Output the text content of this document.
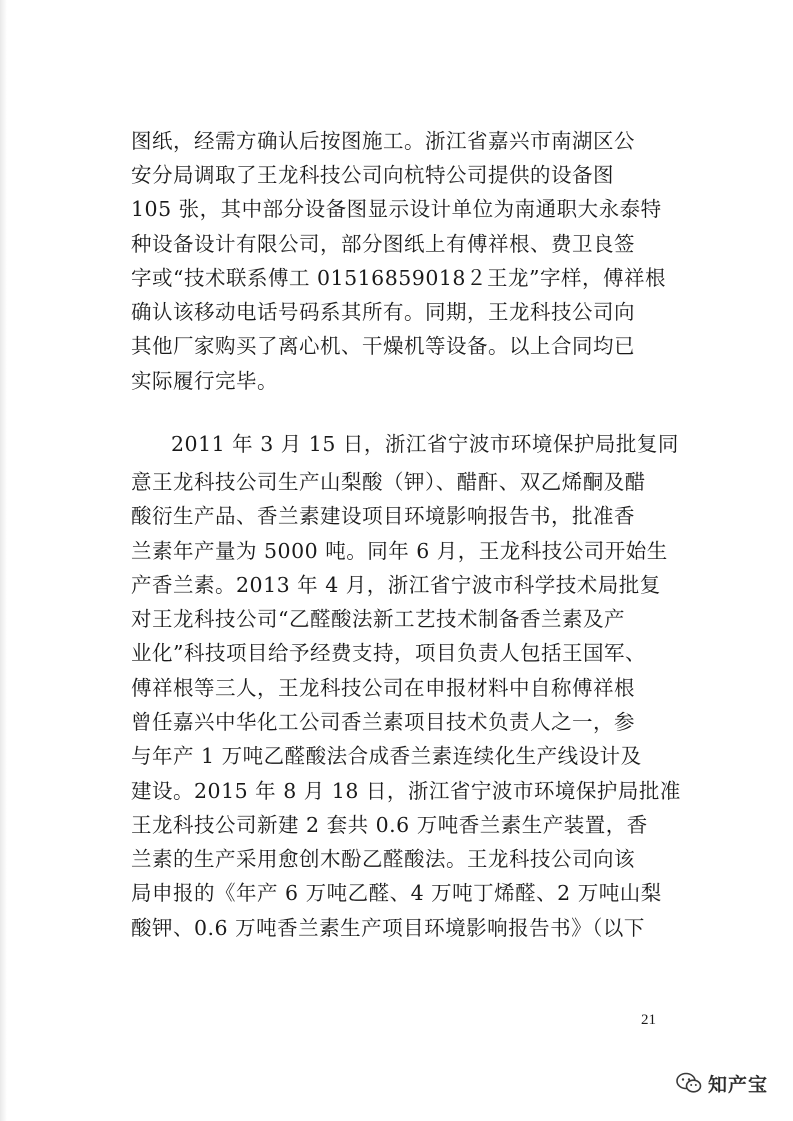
图纸，经需方确认后按图施工。浙江省嘉兴市南湖区公
安分局调取了王龙科技公司向杭特公司提供的设备图
105 张，其中部分设备图显示设计单位为南通职大永泰特
种设备设计有限公司，部分图纸上有傅祥根、费卫良签
字或“技术联系傅工 01516859018２王龙”字样，傅祥根
确认该移动电话号码系其所有。同期，王龙科技公司向
其他厂家购买了离心机、干燥机等设备。以上合同均已
实际履行完毕。
2011 年 3 月 15 日，浙江省宁波市环境保护局批复同
意王龙科技公司生产山梨酸（钾）、醋酐、双乙烯酮及醋
酸衍生产品、香兰素建设项目环境影响报告书，批准香
兰素年产量为 5000 吨。同年 6 月，王龙科技公司开始生
产香兰素。2013 年 4 月，浙江省宁波市科学技术局批复
对王龙科技公司“乙醛酸法新工艺技术制备香兰素及产
业化”科技项目给予经费支持，项目负责人包括王国军、
傅祥根等三人，王龙科技公司在申报材料中自称傅祥根
曾任嘉兴中华化工公司香兰素项目技术负责人之一，参
与年产 1 万吨乙醛酸法合成香兰素连续化生产线设计及
建设。2015 年 8 月 18 日，浙江省宁波市环境保护局批准
王龙科技公司新建 2 套共 0.6 万吨香兰素生产装置，香
兰素的生产采用愈创木酚乙醛酸法。王龙科技公司向该
局申报的《年产 6 万吨乙醛、4 万吨丁烯醛、2 万吨山梨
酸钾、0.6 万吨香兰素生产项目环境影响报告书》（以下
21
知产宝
